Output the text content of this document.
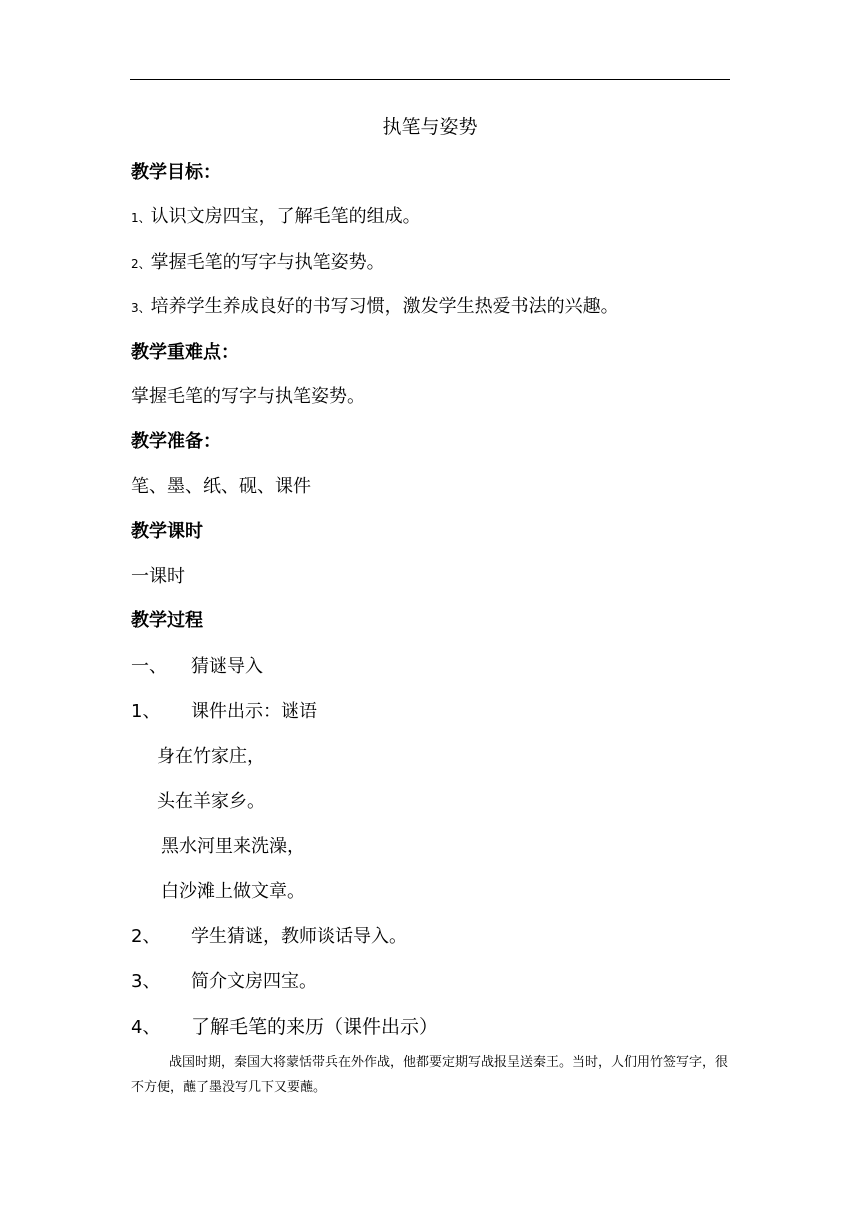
执笔与姿势
教学目标：
1、认识文房四宝，了解毛笔的组成。
2、掌握毛笔的写字与执笔姿势。
3、培养学生养成良好的书写习惯，激发学生热爱书法的兴趣。
教学重难点：
掌握毛笔的写字与执笔姿势。
教学准备：
笔、墨、纸、砚、课件
教学课时
一课时
教学过程
一、 猜谜导入
1、 课件出示：谜语
身在竹家庄，
头在羊家乡。
黑水河里来洗澡，
白沙滩上做文章。
2、 学生猜谜，教师谈话导入。
3、 简介文房四宝。
4、 了解毛笔的来历（课件出示）
战国时期，秦国大将蒙恬带兵在外作战，他都要定期写战报呈送秦王。当时，人们用竹签写字，很不方便，蘸了墨没写几下又要蘸。
